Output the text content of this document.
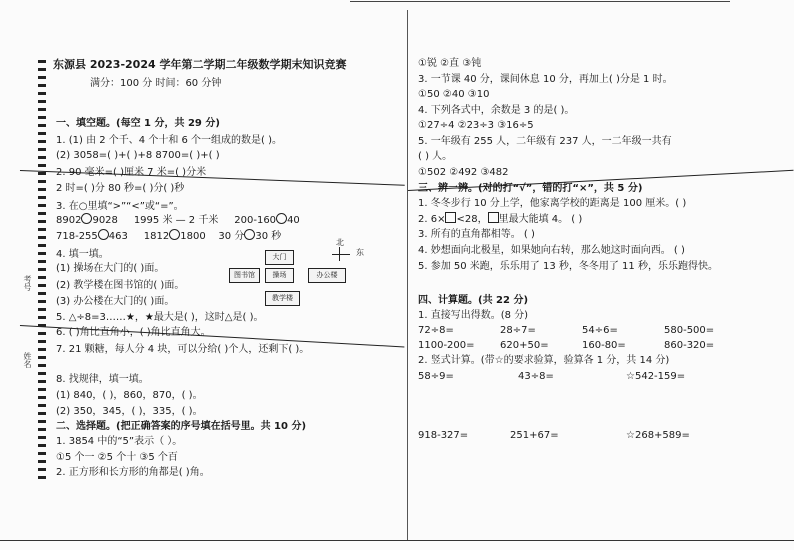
考号
姓名
东源县 2023-2024 学年第二学期二年级数学期末知识竞赛
满分：100 分 时间：60 分钟
一、填空题。(每空 1 分，共 29 分)
1. (1) 由 2 个千、4 个十和 6 个一组成的数是( )。
(2) 3058=( )+( )+8 8700=( )+( )
2. 90 毫米=( )厘米 7 米=( )分米
2 时=( )分 80 秒=( )分( )秒
3. 在○里填“>”“<”或“=”。
8902 9028 1995 米 — 2 千米 200-160 40
718-255 463 1812 1800 30 分 30 秒
北
东
4. 填一填。	大门
图书馆	操场	办公楼
教学楼
(1) 操场在大门的( )面。
(2) 教学楼在图书馆的( )面。
(3) 办公楼在大门的( )面。
5. △÷8=3……★，★最大是( )，这时△是( )。
6. ( )角比直角小，( )角比直角大。
7. 21 颗糖，每人分 4 块，可以分给( )个人，还剩下( )。
8. 找规律，填一填。
(1) 840，( )，860，870，( )。
(2) 350，345，( )，335，( )。
二、选择题。(把正确答案的序号填在括号里。共 10 分)
1. 3854 中的“5”表示（ ）。
①5 个一 ②5 个十 ③5 个百
2. 正方形和长方形的角都是( )角。
①锐 ②直 ③钝
3. 一节课 40 分，课间休息 10 分，再加上( )分是 1 时。
①50 ②40 ③10
4. 下列各式中，余数是 3 的是( )。
①27÷4 ②23÷3 ③16÷5
5. 一年级有 255 人，二年级有 237 人，一二年级一共有
( ) 人。
①502 ②492 ③482
三、辨一辨。(对的打“√”，错的打“×”，共 5 分)
1. 冬冬步行 10 分上学，他家离学校的距离是 100 厘米。( )
2. 6× <28， 里最大能填 4。 ( )
3. 所有的直角都相等。 ( )
4. 妙想面向北极星，如果她向右转，那么她这时面向西。 ( )
5. 参加 50 米跑，乐乐用了 13 秒，冬冬用了 11 秒，乐乐跑得快。
四、计算题。(共 22 分)
1. 直接写出得数。(8 分)
72÷8=	28÷7=	54÷6=	580-500=
1100-200=	620+50=	160-80=	860-320=
2. 竖式计算。(带☆的要求验算，验算各 1 分，共 14 分)
58÷9=	43÷8=	☆542-159=
918-327=	251+67=	☆268+589=
